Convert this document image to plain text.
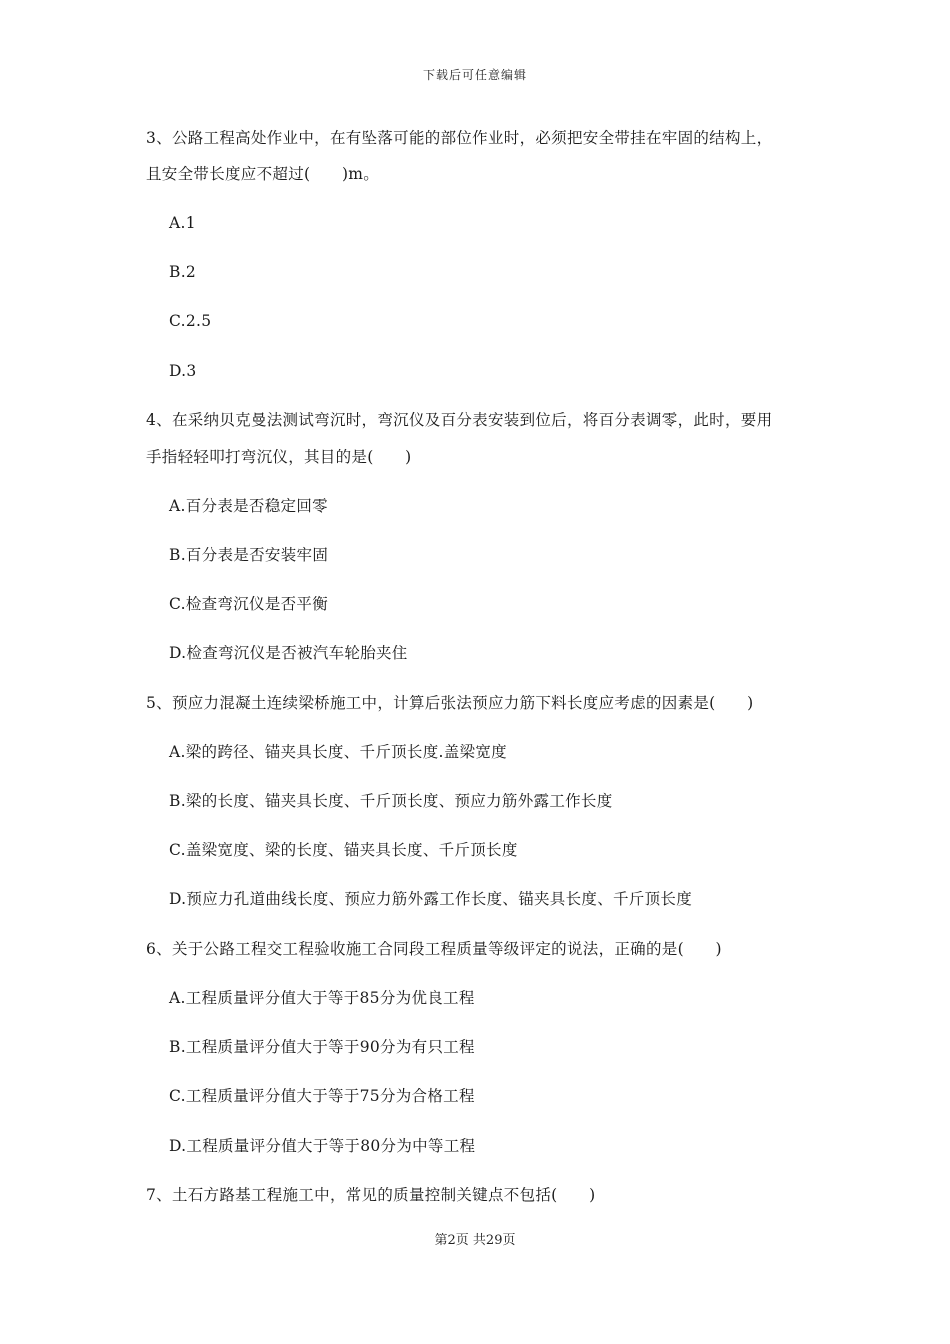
下载后可任意编辑
3、公路工程高处作业中，在有坠落可能的部位作业时，必须把安全带挂在牢固的结构上，
且安全带长度应不超过(　　)m。
A.1
B.2
C.2.5
D.3
4、在采纳贝克曼法测试弯沉时，弯沉仪及百分表安装到位后，将百分表调零，此时，要用
手指轻轻叩打弯沉仪，其目的是(　　)
A.百分表是否稳定回零
B.百分表是否安装牢固
C.检查弯沉仪是否平衡
D.检查弯沉仪是否被汽车轮胎夹住
5、预应力混凝土连续梁桥施工中，计算后张法预应力筋下料长度应考虑的因素是(　　)
A.梁的跨径、锚夹具长度、千斤顶长度.盖梁宽度
B.梁的长度、锚夹具长度、千斤顶长度、预应力筋外露工作长度
C.盖梁宽度、梁的长度、锚夹具长度、千斤顶长度
D.预应力孔道曲线长度、预应力筋外露工作长度、锚夹具长度、千斤顶长度
6、关于公路工程交工程验收施工合同段工程质量等级评定的说法，正确的是(　　)
A.工程质量评分值大于等于85分为优良工程
B.工程质量评分值大于等于90分为有只工程
C.工程质量评分值大于等于75分为合格工程
D.工程质量评分值大于等于80分为中等工程
7、土石方路基工程施工中，常见的质量控制关键点不包括(　　)
第2页 共29页
